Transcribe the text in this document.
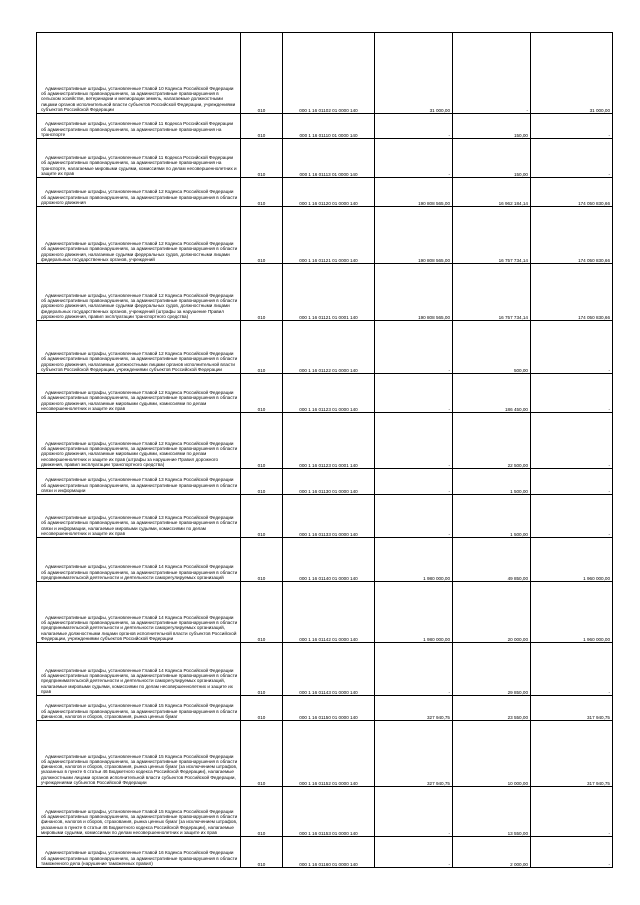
Административные штрафы, установленные Главой 10 Кодекса Российской Федерации об административных правонарушениях, за административные правонарушения в сельском хозяйстве, ветеринарии и мелиорации земель, налагаемые должностными лицами органов исполнительной власти субъектов Российской Федерации, учреждениями субъектов Российской Федерации	010	000 1 16 01102 01 0000 140	31 000,00	-	31 000,00
Административные штрафы, установленные Главой 11 Кодекса Российской Федерации об административных правонарушениях, за административные правонарушения на транспорте	010	000 1 16 01110 01 0000 140	-	150,00	-
Административные штрафы, установленные Главой 11 Кодекса Российской Федерации об административных правонарушениях, за административные правонарушения на транспорте, налагаемые мировыми судьями, комиссиями по делам несовершеннолетних и защите их прав	010	000 1 16 01113 01 0000 140	-	150,00	-
Административные штрафы, установленные Главой 12 Кодекса Российской Федерации об административных правонарушениях, за административные правонарушения в области дорожного движения	010	000 1 16 01120 01 0000 140	190 808 565,00	16 962 184,14	174 050 830,66
Административные штрафы, установленные Главой 12 Кодекса Российской Федерации об административных правонарушениях, за административные правонарушения в области дорожного движения, налагаемые судьями федеральных судов, должностными лицами федеральных государственных органов, учреждений	010	000 1 16 01121 01 0000 140	190 808 565,00	16 757 734,14	174 050 830,66
Административные штрафы, установленные Главой 12 Кодекса Российской Федерации об административных правонарушениях, за административные правонарушения в области дорожного движения, налагаемые судьями федеральных судов, должностными лицами федеральных государственных органов, учреждений (штрафы за нарушение Правил дорожного движения, правил эксплуатации транспортного средства)	010	000 1 16 01121 01 0001 140	190 808 565,00	16 757 734,14	174 050 830,66
Административные штрафы, установленные Главой 12 Кодекса Российской Федерации об административных правонарушениях, за административные правонарушения в области дорожного движения, налагаемые должностными лицами органов исполнительной власти субъектов Российской Федерации, учреждениями субъектов Российской Федерации	010	000 1 16 01122 01 0000 140	-	500,00	-
Административные штрафы, установленные Главой 12 Кодекса Российской Федерации об административных правонарушениях, за административные правонарушения в области дорожного движения, налагаемые мировыми судьями, комиссиями по делам несовершеннолетних и защите их прав	010	000 1 16 01123 01 0000 140	-	186 450,00	-
Административные штрафы, установленные Главой 12 Кодекса Российской Федерации об административных правонарушениях, за административные правонарушения в области дорожного движения, налагаемые мировыми судьями, комиссиями по делам несовершеннолетних и защите их прав (штрафы за нарушение Правил дорожного движения, правил эксплуатации транспортного средства)	010	000 1 16 01123 01 0001 140	-	22 500,00	-
Административные штрафы, установленные Главой 13 Кодекса Российской Федерации об административных правонарушениях, за административные правонарушения в области связи и информации	010	000 1 16 01130 01 0000 140	-	1 500,00	-
Административные штрафы, установленные Главой 13 Кодекса Российской Федерации об административных правонарушениях, за административные правонарушения в области связи и информации, налагаемые мировыми судьями, комиссиями по делам несовершеннолетних и защите их прав	010	000 1 16 01133 01 0000 140	-	1 500,00	-
Административные штрафы, установленные Главой 14 Кодекса Российской Федерации об административных правонарушениях, за административные правонарушения в области предпринимательской деятельности и деятельности саморегулируемых организаций	010	000 1 16 01140 01 0000 140	1 980 000,00	49 850,00	1 960 000,00
Административные штрафы, установленные Главой 14 Кодекса Российской Федерации об административных правонарушениях, за административные правонарушения в области предпринимательской деятельности и деятельности саморегулируемых организаций, налагаемые должностными лицами органов исполнительной власти субъектов Российской Федерации, учреждениями субъектов Российской Федерации	010	000 1 16 01142 01 0000 140	1 980 000,00	20 000,00	1 960 000,00
Административные штрафы, установленные Главой 14 Кодекса Российской Федерации об административных правонарушениях, за административные правонарушения в области предпринимательской деятельности и деятельности саморегулируемых организаций, налагаемые мировыми судьями, комиссиями по делам несовершеннолетних и защите их прав	010	000 1 16 01143 01 0000 140	-	29 850,00	-
Административные штрафы, установленные Главой 15 Кодекса Российской Федерации об административных правонарушениях, за административные правонарушения в области финансов, налогов и сборов, страхования, рынка ценных бумаг	010	000 1 16 01150 01 0000 140	327 940,75	23 550,00	317 940,75
Административные штрафы, установленные Главой 15 Кодекса Российской Федерации об административных правонарушениях, за административные правонарушения в области финансов, налогов и сборов, страхования, рынка ценных бумаг (за исключением штрафов, указанных в пункте 6 статьи 46 Бюджетного кодекса Российской Федерации), налагаемые должностными лицами органов исполнительной власти субъектов Российской Федерации, учреждениями субъектов Российской Федерации	010	000 1 16 01152 01 0000 140	327 940,75	10 000,00	317 940,75
Административные штрафы, установленные Главой 15 Кодекса Российской Федерации об административных правонарушениях, за административные правонарушения в области финансов, налогов и сборов, страхования, рынка ценных бумаг (за исключением штрафов, указанных в пункте 6 статьи 46 Бюджетного кодекса Российской Федерации), налагаемые мировыми судьями, комиссиями по делам несовершеннолетних и защите их прав	010	000 1 16 01153 01 0000 140	-	13 550,00	-
Административные штрафы, установленные Главой 16 Кодекса Российской Федерации об административных правонарушениях, за административные правонарушения в области таможенного дела (нарушение таможенных правил)	010	000 1 16 01160 01 0000 140	-	2 000,00	-
